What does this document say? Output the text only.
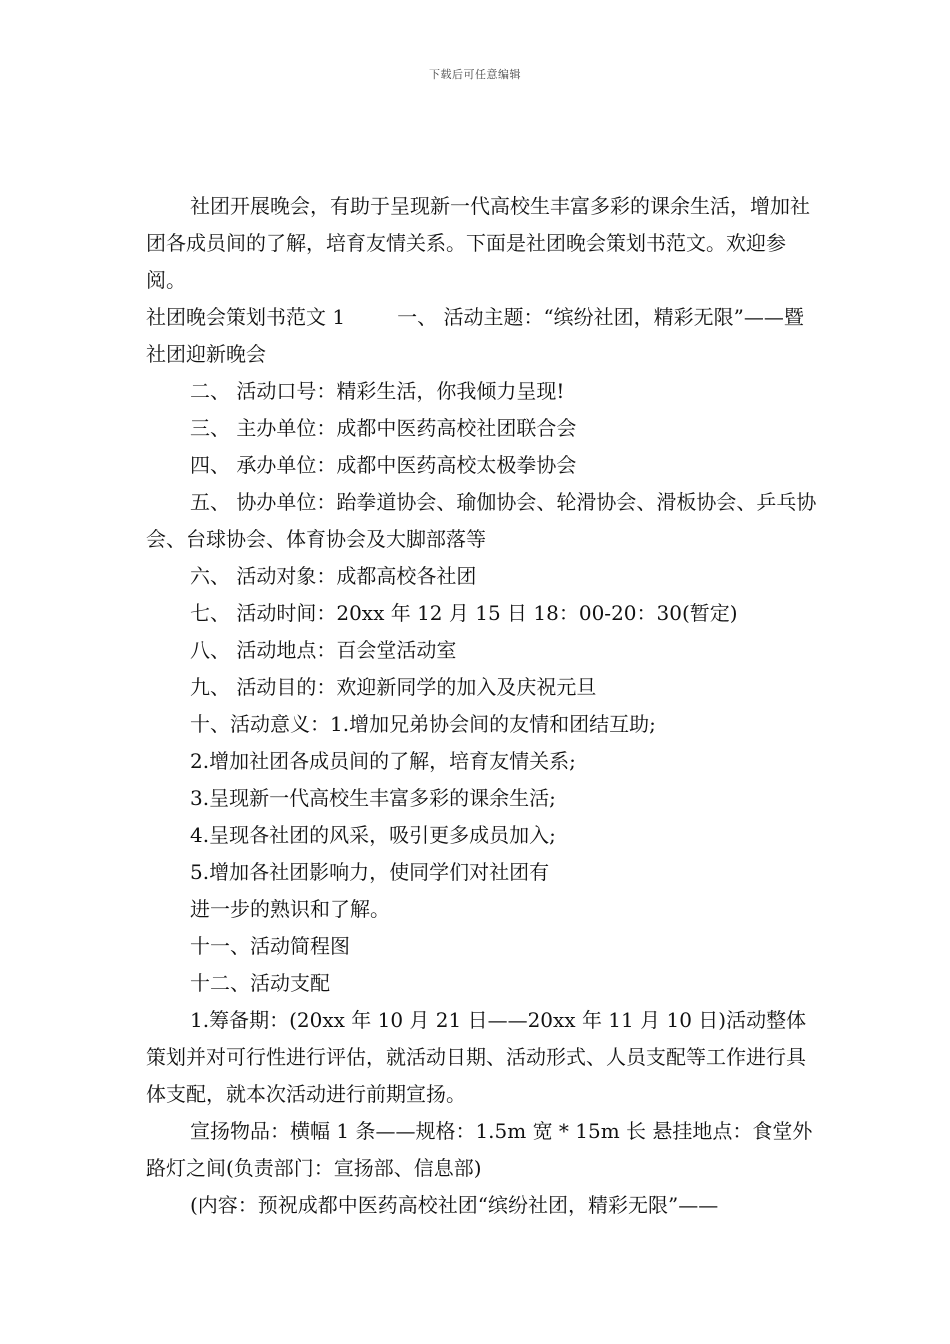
下载后可任意编辑

社团开展晚会，有助于呈现新一代高校生丰富多彩的课余生活，增加社团各成员间的了解，培育友情关系。下面是社团晚会策划书范文。欢迎参阅。

社团晚会策划书范文 1	一、 活动主题：“缤纷社团，精彩无限”——暨社团迎新晚会

二、 活动口号：精彩生活，你我倾力呈现!

三、 主办单位：成都中医药高校社团联合会

四、 承办单位：成都中医药高校太极拳协会

五、 协办单位：跆拳道协会、瑜伽协会、轮滑协会、滑板协会、乒乓协会、台球协会、体育协会及大脚部落等

六、 活动对象：成都高校各社团

七、 活动时间：20xx 年 12 月 15 日 18：00-20：30(暂定)

八、 活动地点：百会堂活动室

九、 活动目的：欢迎新同学的加入及庆祝元旦

十、活动意义：1.增加兄弟协会间的友情和团结互助;

2.增加社团各成员间的了解，培育友情关系;

3.呈现新一代高校生丰富多彩的课余生活;

4.呈现各社团的风采，吸引更多成员加入;

5.增加各社团影响力，使同学们对社团有

进一步的熟识和了解。

十一、活动简程图

十二、活动支配

1.筹备期：(20xx 年 10 月 21 日——20xx 年 11 月 10 日)活动整体策划并对可行性进行评估，就活动日期、活动形式、人员支配等工作进行具体支配，就本次活动进行前期宣扬。

宣扬物品：横幅 1 条——规格：1.5m 宽 * 15m 长 悬挂地点：食堂外路灯之间(负责部门：宣扬部、信息部)

(内容：预祝成都中医药高校社团“缤纷社团，精彩无限”——
